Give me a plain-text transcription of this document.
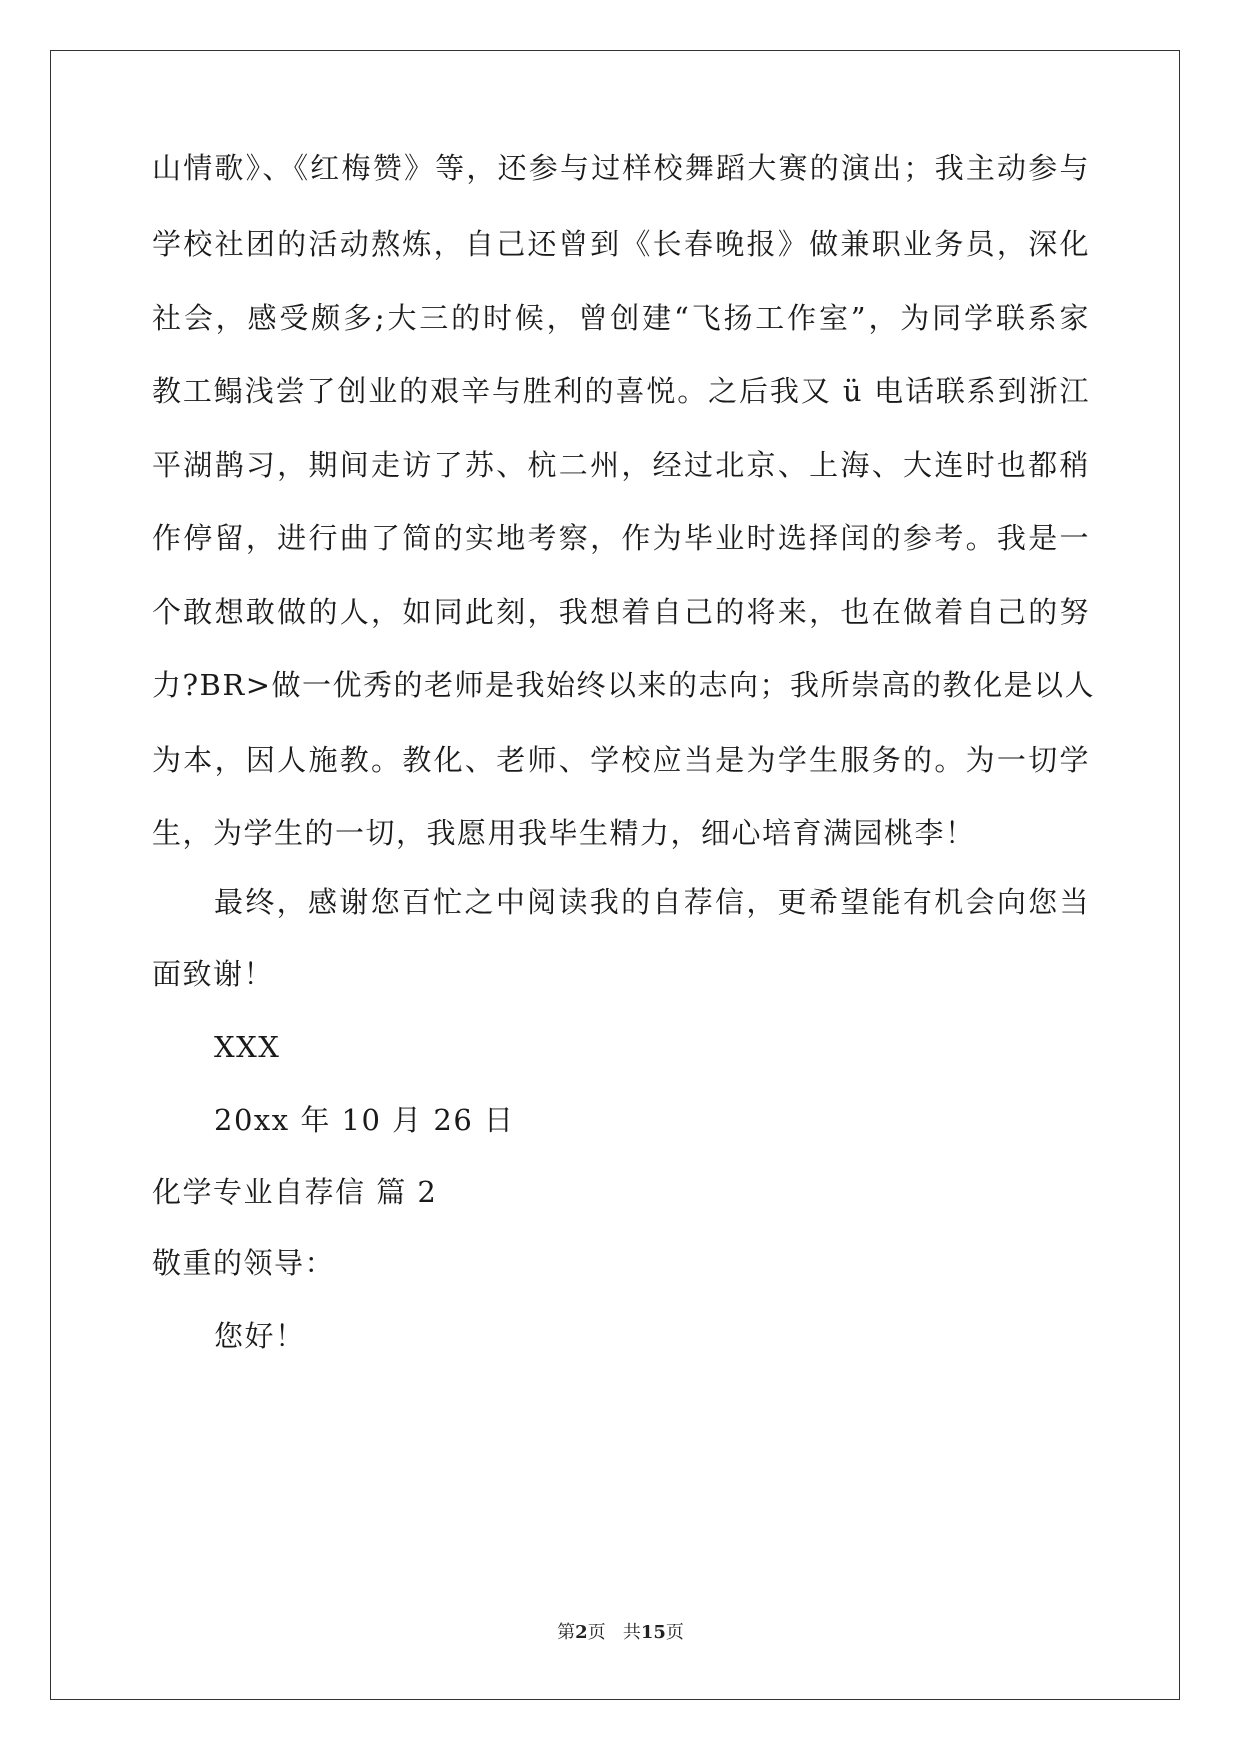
山情歌》、《红梅赞》等，还参与过样校舞蹈大赛的演出；我主动参与
学校社团的活动熬炼，自己还曾到《长春晚报》做兼职业务员，深化
社会，感受颇多;大三的时候，曾创建“飞扬工作室”，为同学联系家
教工鳎浅尝了创业的艰辛与胜利的喜悦。之后我又 ü 电话联系到浙江
平湖鹊习，期间走访了苏、杭二州，经过北京、上海、大连时也都稍
作停留，进行曲了简的实地考察，作为毕业时选择闰的参考。我是一
个敢想敢做的人，如同此刻，我想着自己的将来，也在做着自己的努
力?BR>做一优秀的老师是我始终以来的志向；我所崇高的教化是以人
为本，因人施教。教化、老师、学校应当是为学生服务的。为一切学
生，为学生的一切，我愿用我毕生精力，细心培育满园桃李！
最终，感谢您百忙之中阅读我的自荐信，更希望能有机会向您当
面致谢！
XXX
20xx 年 10 月 26 日
化学专业自荐信 篇 2
敬重的领导：
您好！
第2页 共15页
